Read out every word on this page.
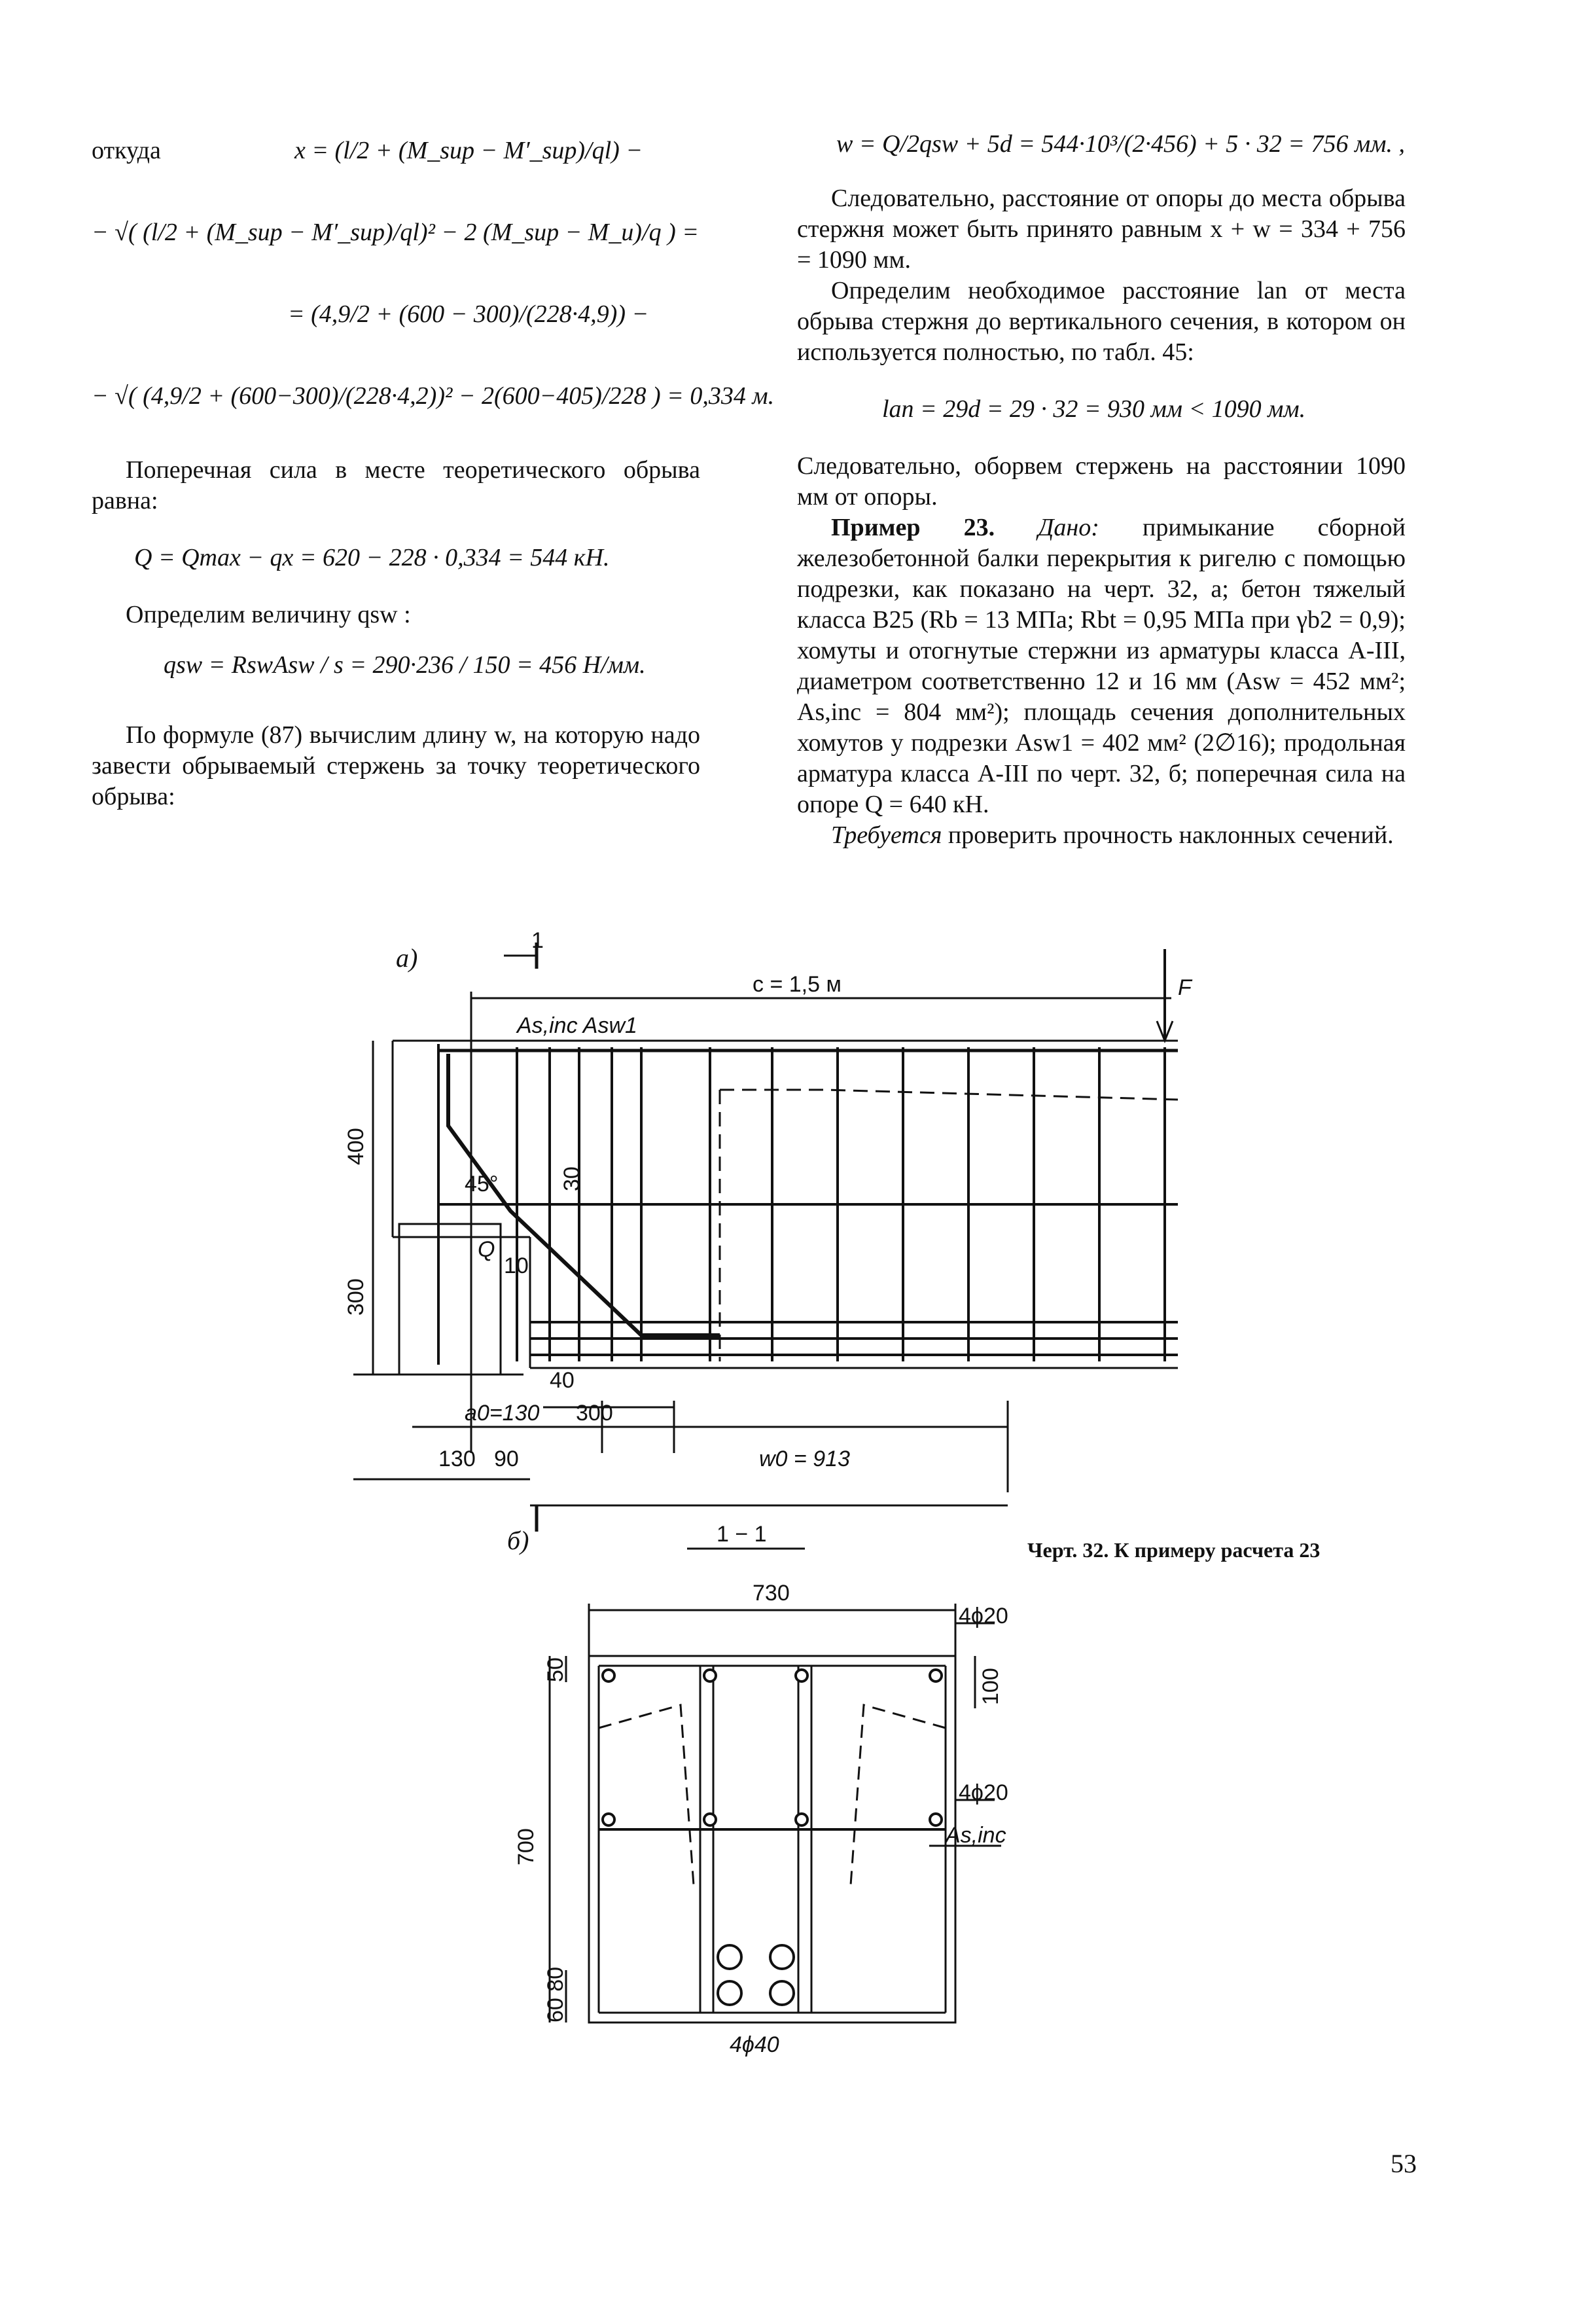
откуда	x = (l/2 + (M_sup − M′_sup)/ql) −
− √( (l/2 + (M_sup − M′_sup)/ql)² − 2 (M_sup − M_u)/q ) =
= (4,9/2 + (600 − 300)/(228·4,9)) −
− √( (4,9/2 + (600−300)/(228·4,2))² − 2(600−405)/228 ) = 0,334 м.

Поперечная сила в месте теоретического обрыва равна:

Q = Qmax − qx = 620 − 228 · 0,334 = 544 кН.

Определим величину qsw :

qsw = RswAsw / s = 290·236 / 150 = 456 Н/мм.

По формуле (87) вычислим длину w, на которую надо завести обрываемый стержень за точку теоретического обрыва:

w = Q/2qsw + 5d = 544·10³/(2·456) + 5 · 32 = 756 мм. ,

Следовательно, расстояние от опоры до места обрыва стержня может быть принято равным x + w = 334 + 756 = 1090 мм.

Определим необходимое расстояние lan от места обрыва стержня до вертикального сечения, в котором он используется полностью, по табл. 45:

lan = 29d = 29 · 32 = 930 мм < 1090 мм.

Следовательно, оборвем стержень на расстоянии 1090 мм от опоры.

Пример 23. Дано: примыкание сборной железобетонной балки перекрытия к ригелю с помощью подрезки, как показано на черт. 32, а; бетон тяжелый класса В25 (Rb = 13 МПа; Rbt = 0,95 МПа при γb2 = 0,9); хомуты и отогнутые стержни из арматуры класса А-III, диаметром соответственно 12 и 16 мм (Asw = 452 мм²; As,inc = 804 мм²); площадь сечения дополнительных хомутов у подрезки Asw1 = 402 мм² (2∅16); продольная арматура класса А-III по черт. 32, б; поперечная сила на опоре Q = 640 кН.

Требуется проверить прочность наклонных сечений.

а)
1
c = 1,5 м	F
As,inc Asw1
45°	30
400
300
Q
10
40
300
a0=130
130 90	w0 = 913
б)	1 − 1
730
700
4ϕ20
4ϕ20
100
50
60 80
As,inc
4ϕ40
Черт. 32. К примеру расчета 23
53
